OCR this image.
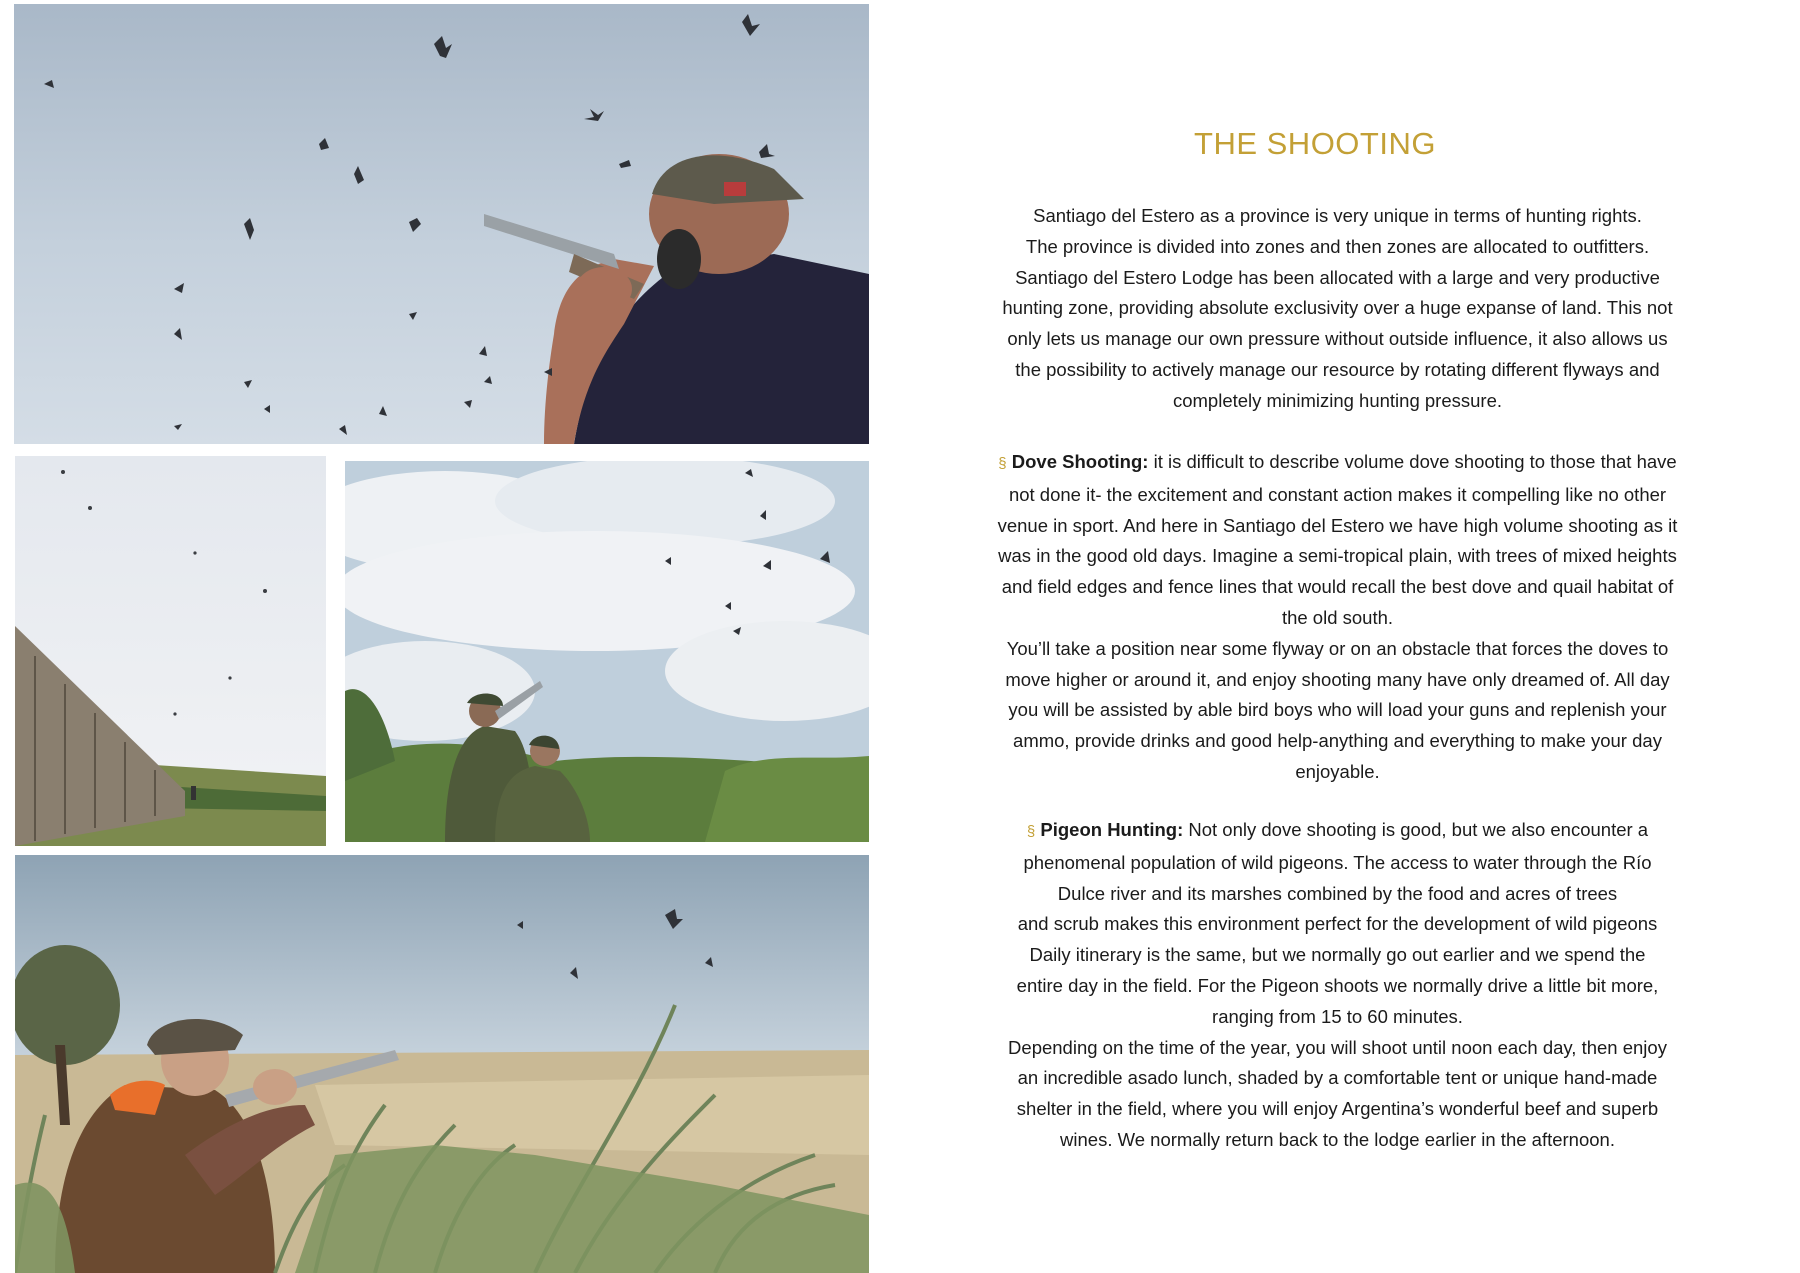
THE SHOOTING

Santiago del Estero as a province is very unique in terms of hunting rights.
The province is divided into zones and then zones are allocated to outfitters.
Santiago del Estero Lodge has been allocated with a large and very productive
hunting zone, providing absolute exclusivity over a huge expanse of land. This not
only lets us manage our own pressure without outside influence, it also allows us
the possibility to actively manage our resource by rotating different flyways and
completely minimizing hunting pressure.

§ Dove Shooting: it is difficult to describe volume dove shooting to those that have
not done it- the excitement and constant action makes it compelling like no other
venue in sport. And here in Santiago del Estero we have high volume shooting as it
was in the good old days. Imagine a semi-tropical plain, with trees of mixed heights
and field edges and fence lines that would recall the best dove and quail habitat of
the old south.
You’ll take a position near some flyway or on an obstacle that forces the doves to
move higher or around it, and enjoy shooting many have only dreamed of. All day
you will be assisted by able bird boys who will load your guns and replenish your
ammo, provide drinks and good help-anything and everything to make your day
enjoyable.

§ Pigeon Hunting: Not only dove shooting is good, but we also encounter a
phenomenal population of wild pigeons. The access to water through the Río
Dulce river and its marshes combined by the food and acres of trees
and scrub makes this environment perfect for the development of wild pigeons
Daily itinerary is the same, but we normally go out earlier and we spend the
entire day in the field. For the Pigeon shoots we normally drive a little bit more,
ranging from 15 to 60 minutes.
Depending on the time of the year, you will shoot until noon each day, then enjoy
an incredible asado lunch, shaded by a comfortable tent or unique hand-made
shelter in the field, where you will enjoy Argentina’s wonderful beef and superb
wines. We normally return back to the lodge earlier in the afternoon.
